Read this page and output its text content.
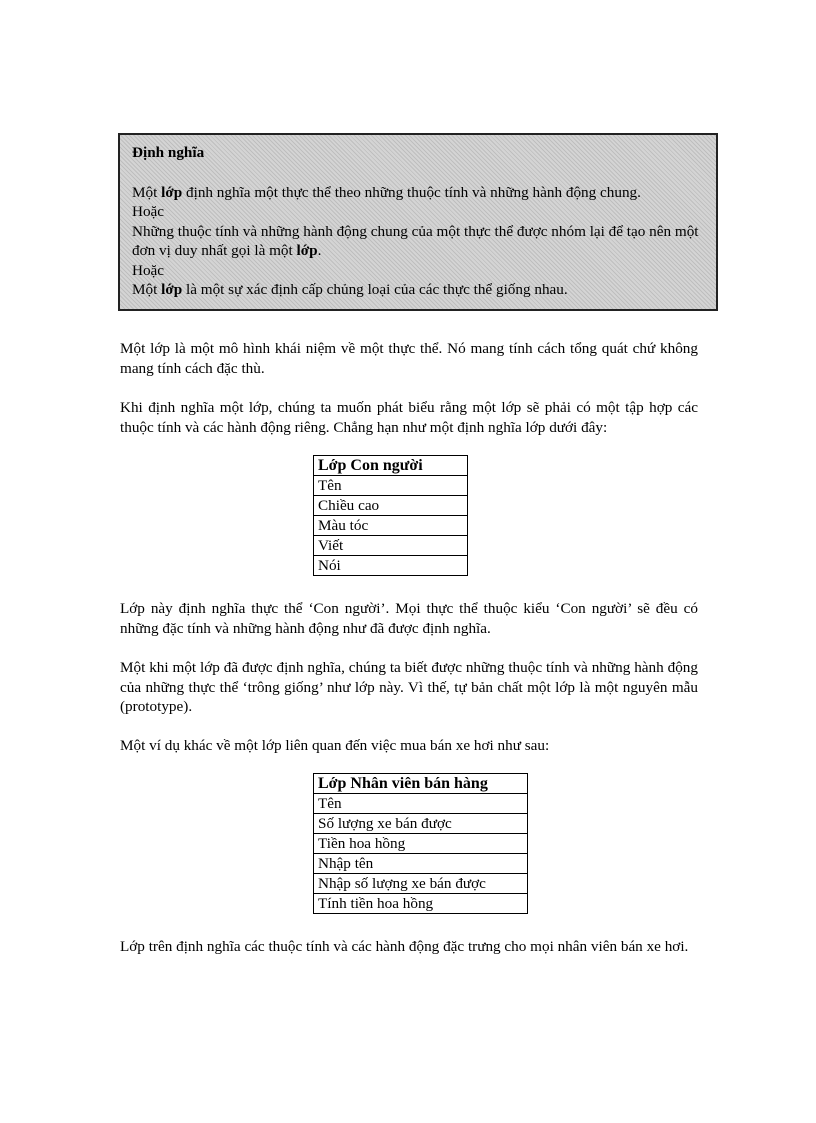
Định nghĩa

Một lớp định nghĩa một thực thể theo những thuộc tính và những hành động chung.

Hoặc

Những thuộc tính và những hành động chung của một thực thể được nhóm lại để tạo nên một đơn vị duy nhất gọi là một lớp.

Hoặc

Một lớp là một sự xác định cấp chủng loại của các thực thể giống nhau.

Một lớp là một mô hình khái niệm về một thực thể. Nó mang tính cách tổng quát chứ không mang tính cách đặc thù.

Khi định nghĩa một lớp, chúng ta muốn phát biểu rằng một lớp sẽ phải có một tập hợp các thuộc tính và các hành động riêng. Chẳng hạn như một định nghĩa lớp dưới đây:

Lớp Con người
Tên
Chiều cao
Màu tóc
Viết
Nói

Lớp này định nghĩa thực thể ‘Con người’. Mọi thực thể thuộc kiểu ‘Con người’ sẽ đều có những đặc tính và những hành động như đã được định nghĩa.

Một khi một lớp đã được định nghĩa, chúng ta biết được những thuộc tính và những hành động của những thực thể ‘trông giống’ như lớp này. Vì thế, tự bản chất một lớp là một nguyên mẫu (prototype).

Một ví dụ khác về một lớp liên quan đến việc mua bán xe hơi như sau:

Lớp Nhân viên bán hàng
Tên
Số lượng xe bán được
Tiền hoa hồng
Nhập tên
Nhập số lượng xe bán được
Tính tiền hoa hồng

Lớp trên định nghĩa các thuộc tính và các hành động đặc trưng cho mọi nhân viên bán xe hơi.
